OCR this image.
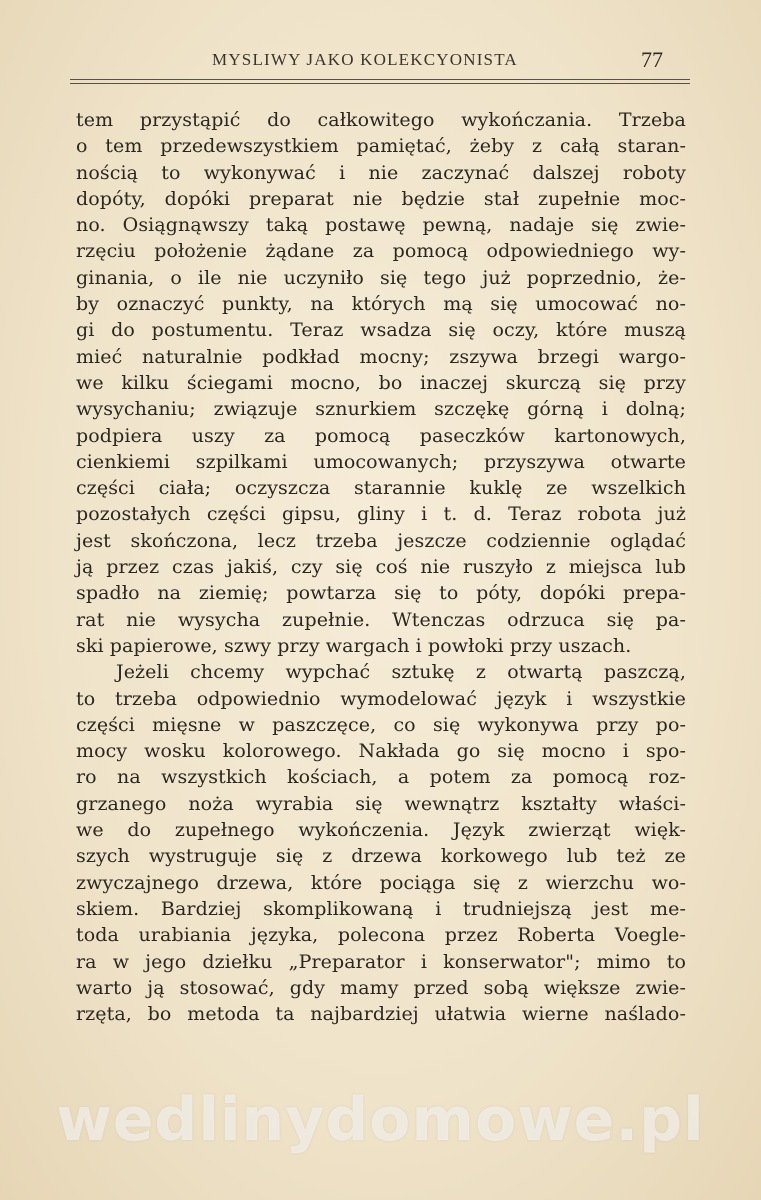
MYSLIWY JAKO KOLEKCYONISTA	77
tem przystąpić do całkowitego wykończania. Trzeba
o tem przedewszystkiem pamiętać, żeby z całą staran-
nością to wykonywać i nie zaczynać dalszej roboty
dopóty, dopóki preparat nie będzie stał zupełnie moc-
no. Osiągnąwszy taką postawę pewną, nadaje się zwie-
rzęciu położenie żądane za pomocą odpowiedniego wy-
ginania, o ile nie uczyniło się tego już poprzednio, że-
by oznaczyć punkty, na których mą się umocować no-
gi do postumentu. Teraz wsadza się oczy, które muszą
mieć naturalnie podkład mocny; zszywa brzegi wargo-
we kilku ściegami mocno, bo inaczej skurczą się przy
wysychaniu; związuje sznurkiem szczękę górną i dolną;
podpiera uszy za pomocą paseczków kartonowych,
cienkiemi szpilkami umocowanych; przyszywa otwarte
części ciała; oczyszcza starannie kuklę ze wszelkich
pozostałych części gipsu, gliny i t. d. Teraz robota już
jest skończona, lecz trzeba jeszcze codziennie oglądać
ją przez czas jakiś, czy się coś nie ruszyło z miejsca lub
spadło na ziemię; powtarza się to póty, dopóki prepa-
rat nie wysycha zupełnie. Wtenczas odrzuca się pa-
ski papierowe, szwy przy wargach i powłoki przy uszach.
Jeżeli chcemy wypchać sztukę z otwartą paszczą,
to trzeba odpowiednio wymodelować język i wszystkie
części mięsne w paszczęce, co się wykonywa przy po-
mocy wosku kolorowego. Nakłada go się mocno i spo-
ro na wszystkich kościach, a potem za pomocą roz-
grzanego noża wyrabia się wewnątrz kształty właści-
we do zupełnego wykończenia. Język zwierząt więk-
szych wystruguje się z drzewa korkowego lub też ze
zwyczajnego drzewa, które pociąga się z wierzchu wo-
skiem. Bardziej skomplikowaną i trudniejszą jest me-
toda urabiania języka, polecona przez Roberta Voegle-
ra w jego dziełku „Preparator i konserwator"; mimo to
warto ją stosować, gdy mamy przed sobą większe zwie-
rzęta, bo metoda ta najbardziej ułatwia wierne naślado-
wedlinydomowe.pl
